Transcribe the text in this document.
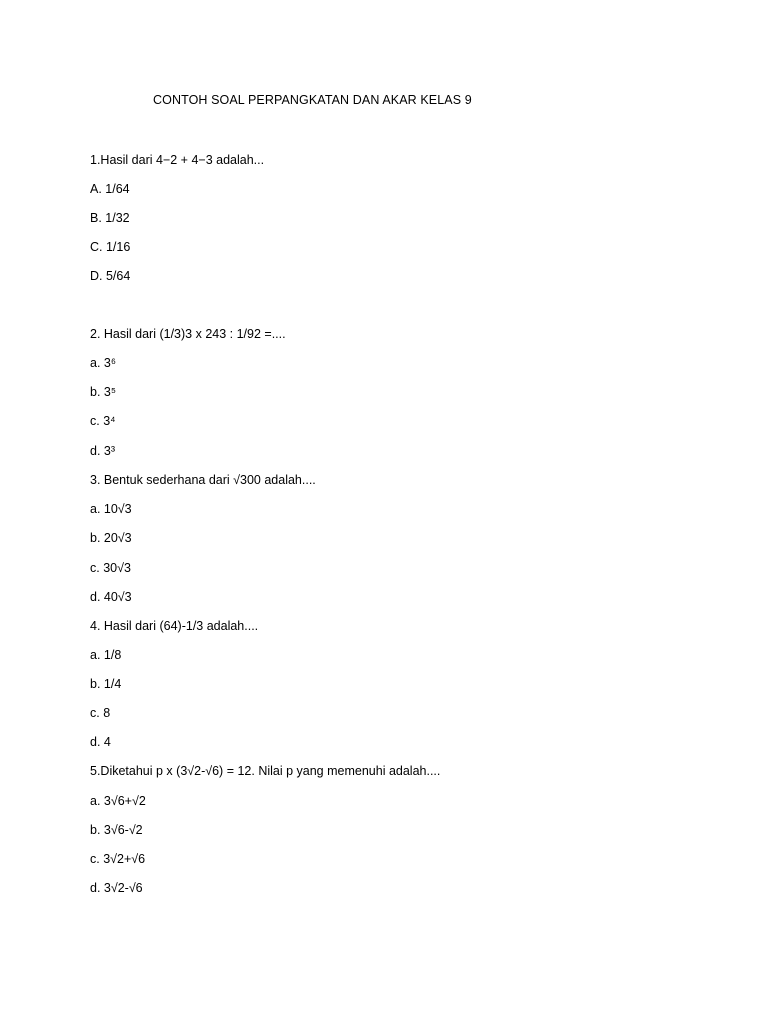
CONTOH SOAL PERPANGKATAN DAN AKAR KELAS 9
1.Hasil dari 4−2 + 4−3 adalah...
A. 1/64
B. 1/32
C. 1/16
D. 5/64
2. Hasil dari (1/3)3 x 243 : 1/92 =....
a. 3⁶
b. 3⁵
c. 3⁴
d. 3³
3. Bentuk sederhana dari √300 adalah....
a. 10√3
b. 20√3
c. 30√3
d. 40√3
4. Hasil dari (64)-1/3 adalah....
a. 1/8
b. 1/4
c. 8
d. 4
5.Diketahui p x (3√2-√6) = 12. Nilai p yang memenuhi adalah....
a. 3√6+√2
b. 3√6-√2
c. 3√2+√6
d. 3√2-√6
